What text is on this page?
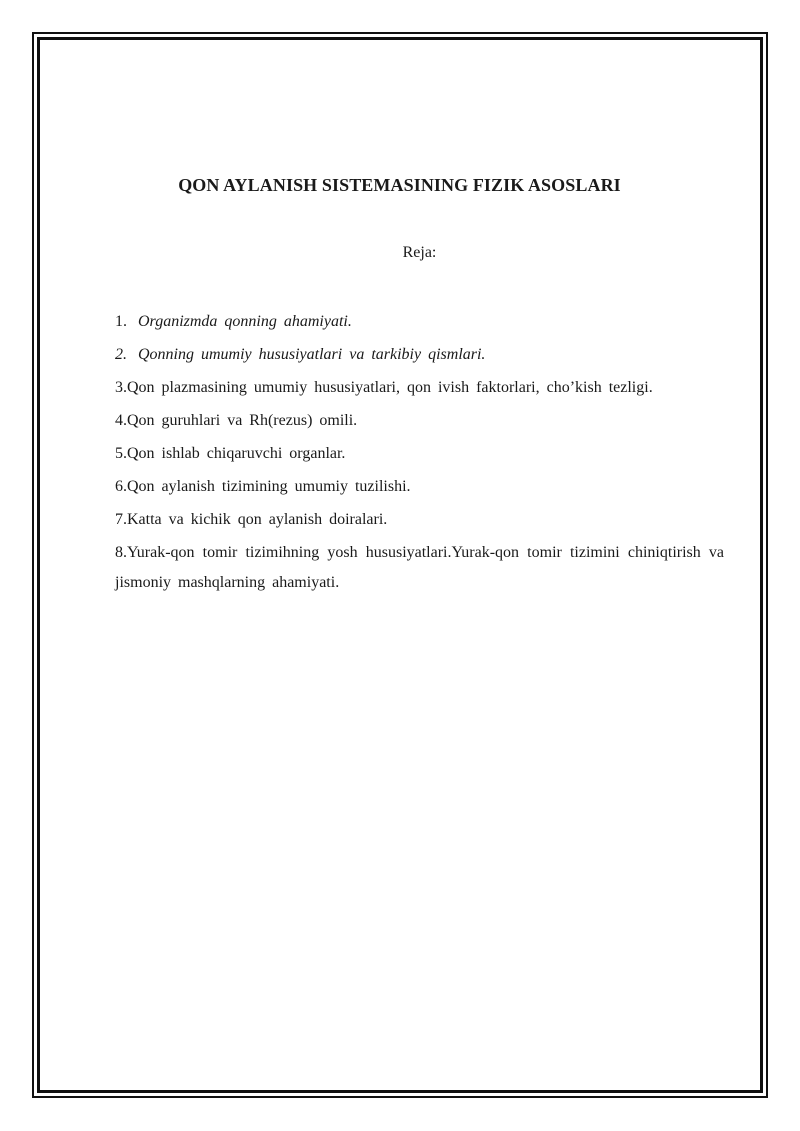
QON AYLANISH SISTEMASINING FIZIK ASOSLARI

Reja:

1. Organizmda qonning ahamiyati.
2. Qonning umumiy hususiyatlari va tarkibiy qismlari.
3.Qon plazmasining umumiy hususiyatlari, qon ivish faktorlari, cho’kish tezligi.
4.Qon guruhlari va Rh(rezus) omili.
5.Qon ishlab chiqaruvchi organlar.
6.Qon aylanish tizimining umumiy tuzilishi.
7.Katta va kichik qon aylanish doiralari.
8.Yurak-qon tomir tizimihning yosh hususiyatlari.Yurak-qon tomir tizimini chiniqtirish va jismoniy mashqlarning ahamiyati.
